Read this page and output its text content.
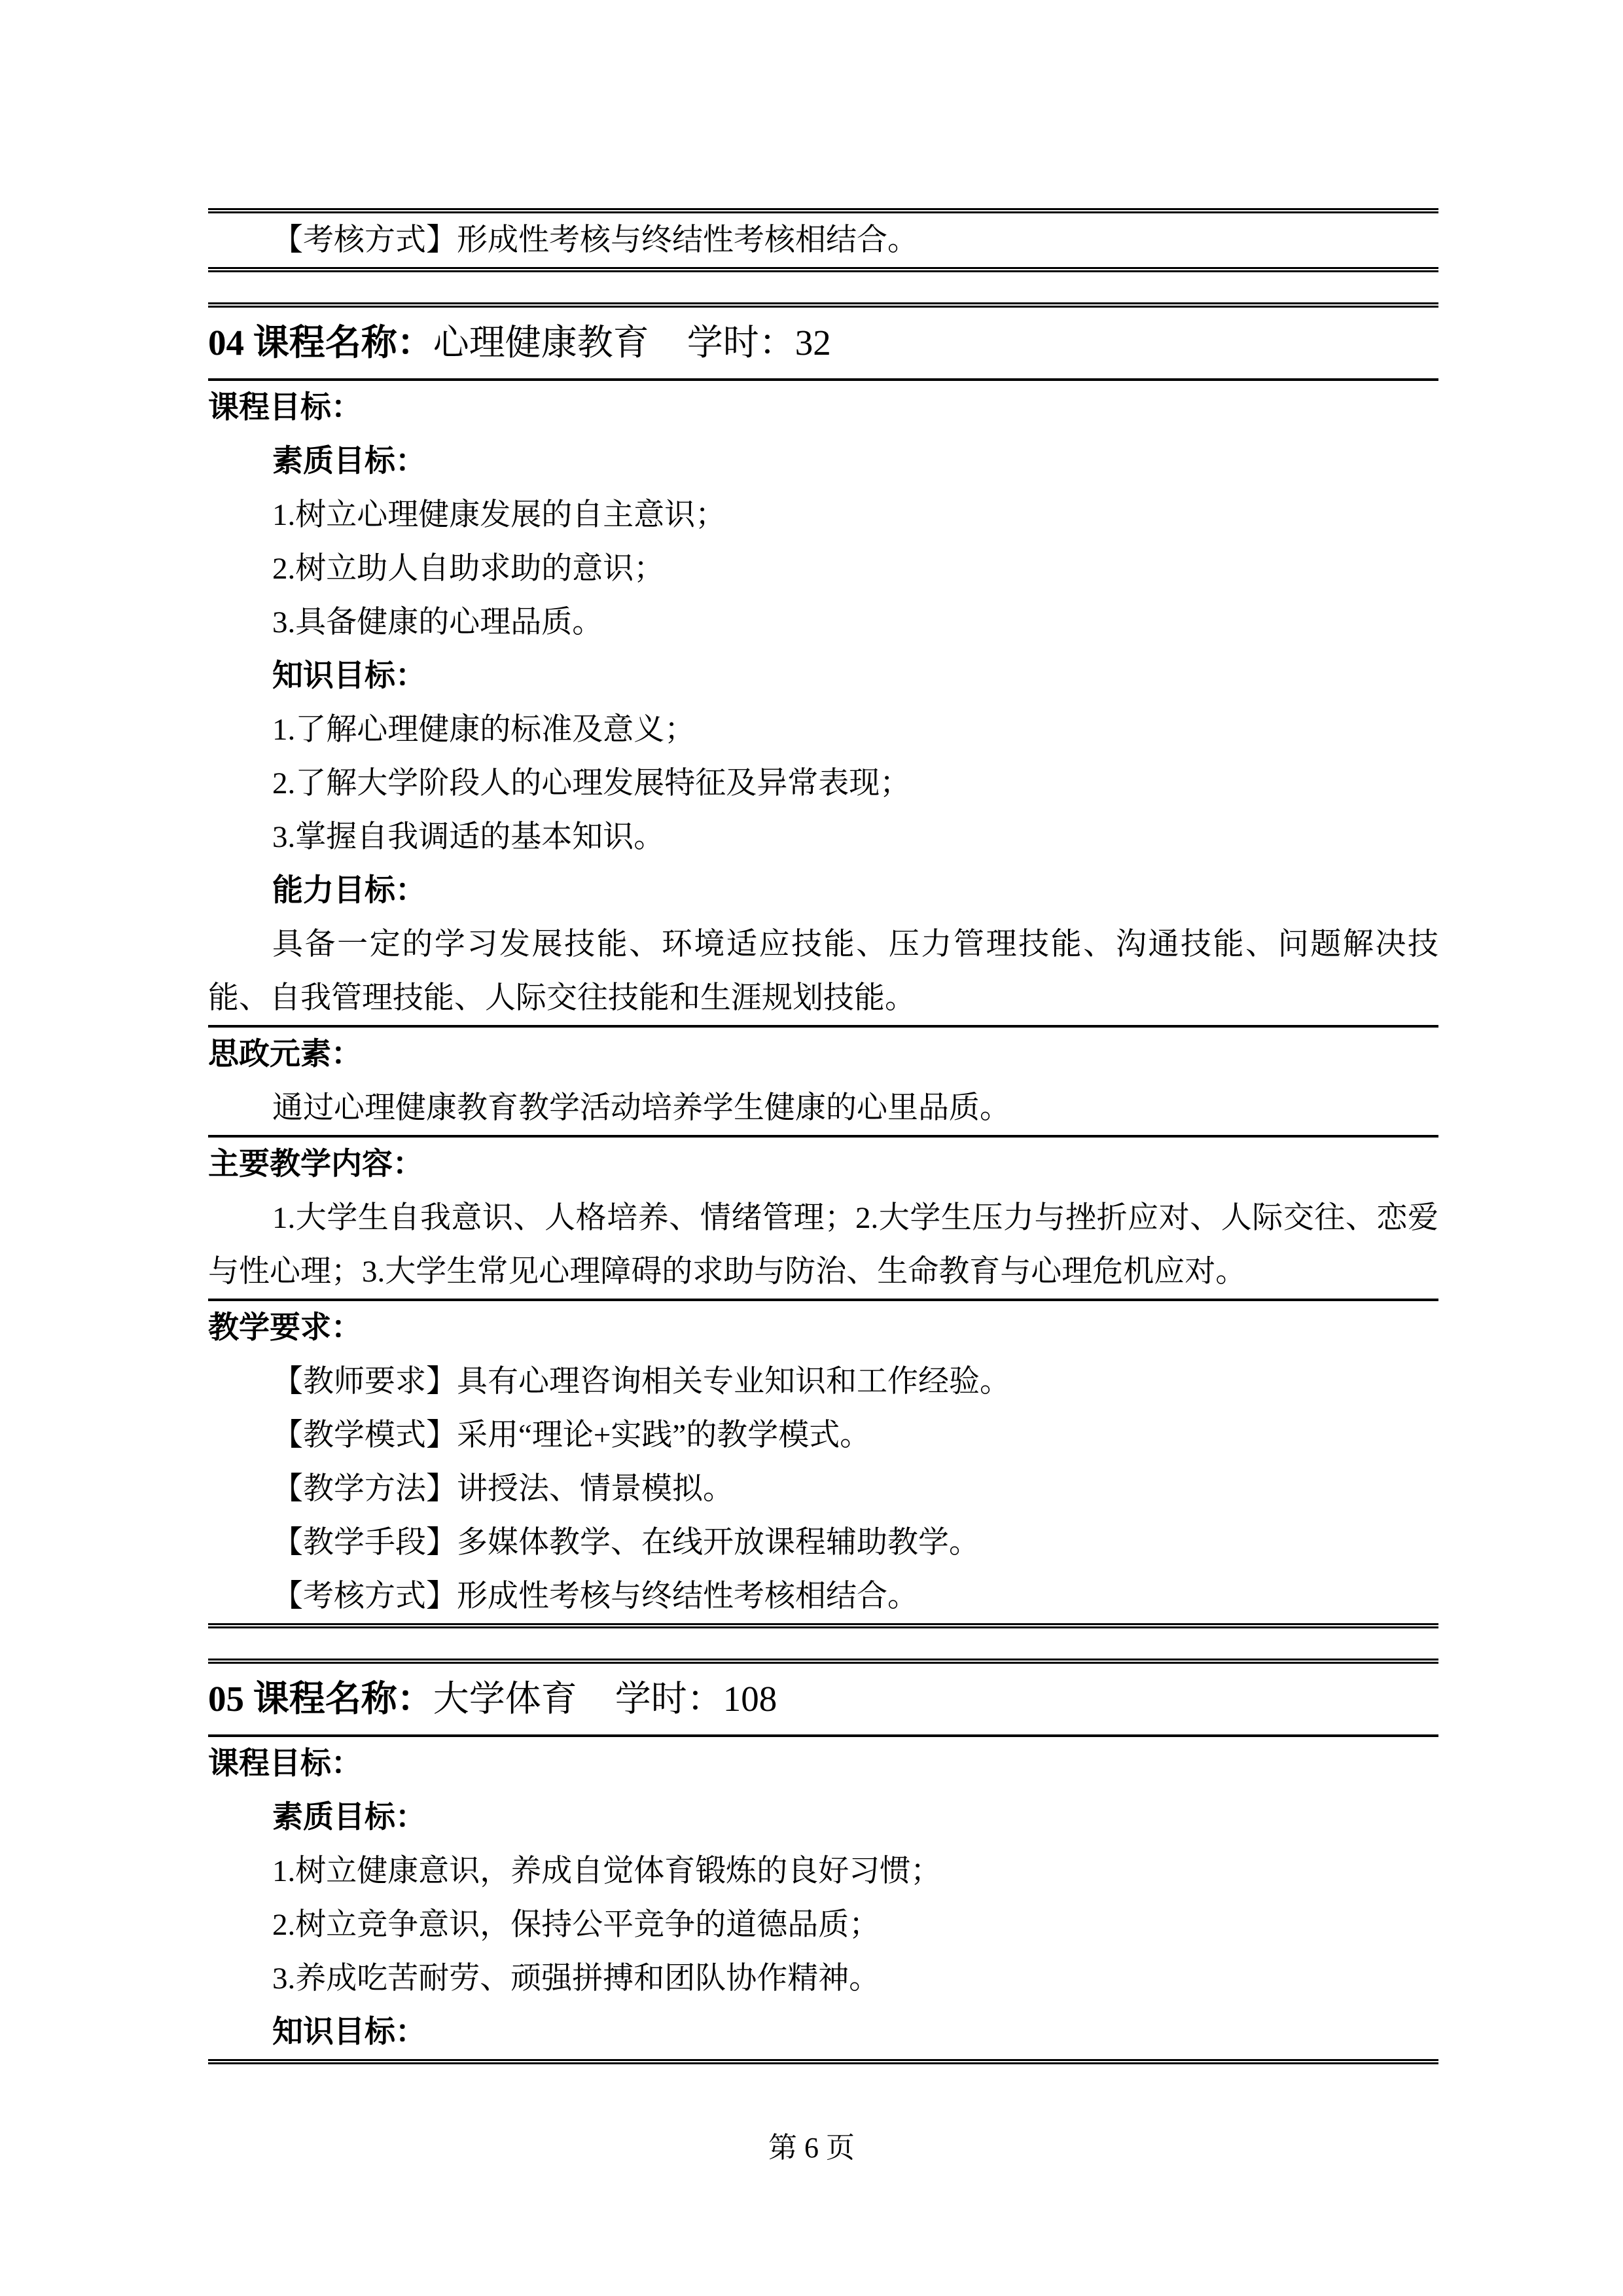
【考核方式】形成性考核与终结性考核相结合。

04 课程名称：心理健康教育 学时：32

课程目标：

素质目标：

1.树立心理健康发展的自主意识；

2.树立助人自助求助的意识；

3.具备健康的心理品质。

知识目标：

1.了解心理健康的标准及意义；

2.了解大学阶段人的心理发展特征及异常表现；

3.掌握自我调适的基本知识。

能力目标：

具备一定的学习发展技能、环境适应技能、压力管理技能、沟通技能、问题解决技能、自我管理技能、人际交往技能和生涯规划技能。

思政元素：

通过心理健康教育教学活动培养学生健康的心里品质。

主要教学内容：

1.大学生自我意识、人格培养、情绪管理；2.大学生压力与挫折应对、人际交往、恋爱与性心理；3.大学生常见心理障碍的求助与防治、生命教育与心理危机应对。

教学要求：

【教师要求】具有心理咨询相关专业知识和工作经验。

【教学模式】采用“理论+实践”的教学模式。

【教学方法】讲授法、情景模拟。

【教学手段】多媒体教学、在线开放课程辅助教学。

【考核方式】形成性考核与终结性考核相结合。

05 课程名称：大学体育 学时：108

课程目标：

素质目标：

1.树立健康意识，养成自觉体育锻炼的良好习惯；

2.树立竞争意识，保持公平竞争的道德品质；

3.养成吃苦耐劳、顽强拼搏和团队协作精神。

知识目标：

第 6 页
